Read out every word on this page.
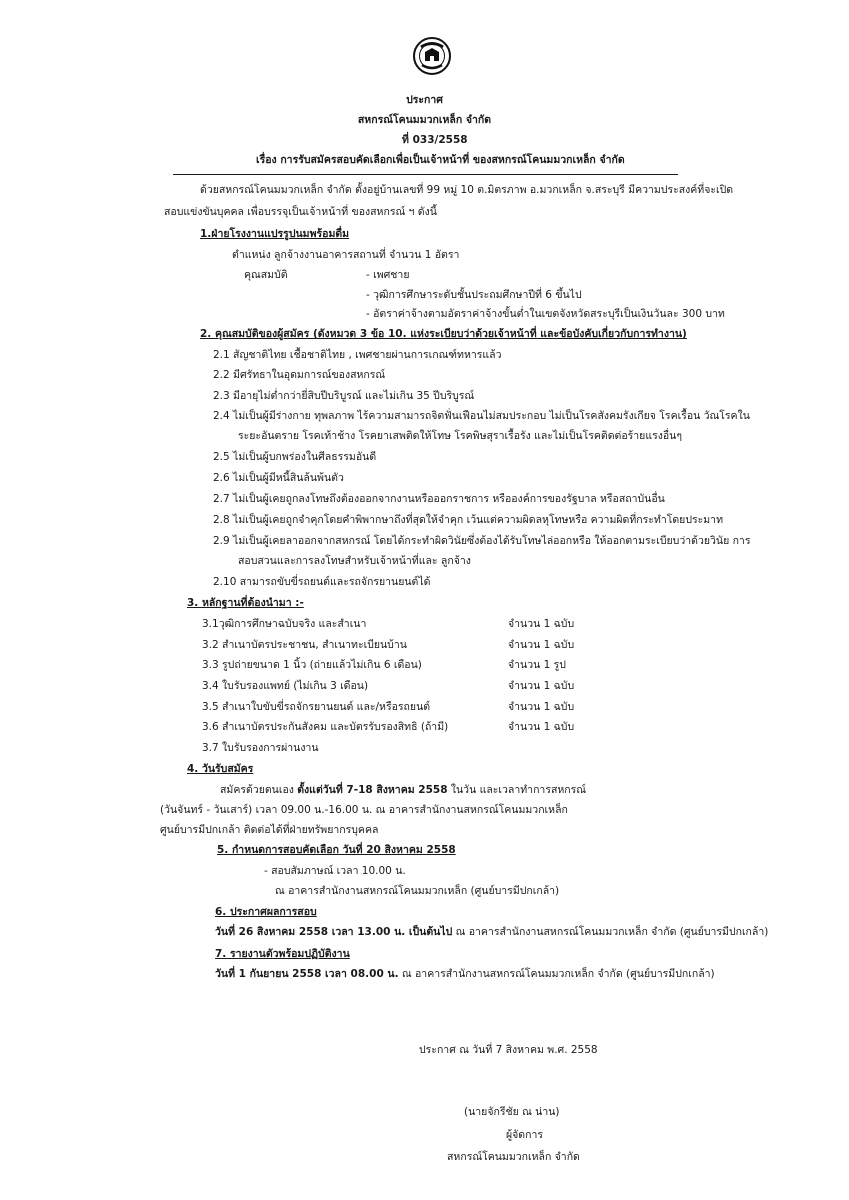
ประกาศ
สหกรณ์โคนมมวกเหล็ก จำกัด
ที่ 033/2558
เรื่อง การรับสมัครสอบคัดเลือกเพื่อเป็นเจ้าหน้าที่ ของสหกรณ์โคนมมวกเหล็ก จำกัด
ด้วยสหกรณ์โคนมมวกเหล็ก จำกัด ตั้งอยู่บ้านเลขที่ 99 หมู่ 10 ต.มิตรภาพ อ.มวกเหล็ก จ.สระบุรี มีความประสงค์ที่จะเปิด
สอบแข่งขันบุคคล เพื่อบรรจุเป็นเจ้าหน้าที่ ของสหกรณ์ ฯ ดังนี้
1.ฝ่ายโรงงานแปรรูปนมพร้อมดื่ม
ตำแหน่ง ลูกจ้างงานอาคารสถานที่ จำนวน 1 อัตรา
คุณสมบัติ	- เพศชาย
- วุฒิการศึกษาระดับชั้นประถมศึกษาปีที่ 6 ขึ้นไป
- อัตราค่าจ้างตามอัตราค่าจ้างขั้นต่ำในเขตจังหวัดสระบุรีเป็นเงินวันละ 300 บาท
2. คุณสมบัติของผู้สมัคร (ดังหมวด 3 ข้อ 10. แห่งระเบียบว่าด้วยเจ้าหน้าที่ และข้อบังคับเกี่ยวกับการทำงาน)
2.1 สัญชาติไทย เชื้อชาติไทย , เพศชายผ่านการเกณฑ์ทหารแล้ว
2.2 มีศรัทธาในอุดมการณ์ของสหกรณ์
2.3 มีอายุไม่ต่ำกว่ายี่สิบปีบริบูรณ์ และไม่เกิน 35 ปีบริบูรณ์
2.4 ไม่เป็นผู้มีร่างกาย ทุพลภาพ ไร้ความสามารถจิตฟั่นเฟือนไม่สมประกอบ ไม่เป็นโรคสังคมรังเกียจ โรคเรื้อน วัณโรคใน
ระยะอันตราย โรคเท้าช้าง โรคยาเสพติดให้โทษ โรคพิษสุราเรื้อรัง และไม่เป็นโรคติดต่อร้ายแรงอื่นๆ
2.5 ไม่เป็นผู้บกพร่องในศีลธรรมอันดี
2.6 ไม่เป็นผู้มีหนี้สินล้นพ้นตัว
2.7 ไม่เป็นผู้เคยถูกลงโทษถึงต้องออกจากงานหรือออกราชการ หรือองค์การของรัฐบาล หรือสถาบันอื่น
2.8 ไม่เป็นผู้เคยถูกจำคุกโดยคำพิพากษาถึงที่สุดให้จำคุก เว้นแต่ความผิดลหุโทษหรือ ความผิดที่กระทำโดยประมาท
2.9 ไม่เป็นผู้เคยลาออกจากสหกรณ์ โดยได้กระทำผิดวินัยซึ่งต้องได้รับโทษไล่ออกหรือ ให้ออกตามระเบียบว่าด้วยวินัย การ
สอบสวนและการลงโทษสำหรับเจ้าหน้าที่และ ลูกจ้าง
2.10 สามารถขับขี่รถยนต์และรถจักรยานยนต์ได้
3. หลักฐานที่ต้องนำมา :-
3.1วุฒิการศึกษาฉบับจริง และสำเนา	จำนวน 1 ฉบับ
3.2 สำเนาบัตรประชาชน, สำเนาทะเบียนบ้าน	จำนวน 1 ฉบับ
3.3 รูปถ่ายขนาด 1 นิ้ว (ถ่ายแล้วไม่เกิน 6 เดือน)	จำนวน 1 รูป
3.4 ใบรับรองแพทย์ (ไม่เกิน 3 เดือน)	จำนวน 1 ฉบับ
3.5 สำเนาใบขับขี่รถจักรยานยนต์ และ/หรือรถยนต์	จำนวน 1 ฉบับ
3.6 สำเนาบัตรประกันสังคม และบัตรรับรองสิทธิ (ถ้ามี)	จำนวน 1 ฉบับ
3.7 ใบรับรองการผ่านงาน
4. วันรับสมัคร
สมัครด้วยตนเอง ตั้งแต่วันที่ 7-18 สิงหาคม 2558 ในวัน และเวลาทำการสหกรณ์
(วันจันทร์ - วันเสาร์) เวลา 09.00 น.-16.00 น. ณ อาคารสำนักงานสหกรณ์โคนมมวกเหล็ก
ศูนย์บารมีปกเกล้า ติดต่อได้ที่ฝ่ายทรัพยากรบุคคล
5. กำหนดการสอบคัดเลือก วันที่ 20 สิงหาคม 2558
- สอบสัมภาษณ์ เวลา 10.00 น.
ณ อาคารสำนักงานสหกรณ์โคนมมวกเหล็ก (ศูนย์บารมีปกเกล้า)
6. ประกาศผลการสอบ
วันที่ 26 สิงหาคม 2558 เวลา 13.00 น. เป็นต้นไป ณ อาคารสำนักงานสหกรณ์โคนมมวกเหล็ก จำกัด (ศูนย์บารมีปกเกล้า)
7. รายงานตัวพร้อมปฏิบัติงาน
วันที่ 1 กันยายน 2558 เวลา 08.00 น. ณ อาคารสำนักงานสหกรณ์โคนมมวกเหล็ก จำกัด (ศูนย์บารมีปกเกล้า)
ประกาศ ณ วันที่ 7 สิงหาคม พ.ศ. 2558
(นายจักรีชัย ณ น่าน)
ผู้จัดการ
สหกรณ์โคนมมวกเหล็ก จำกัด
